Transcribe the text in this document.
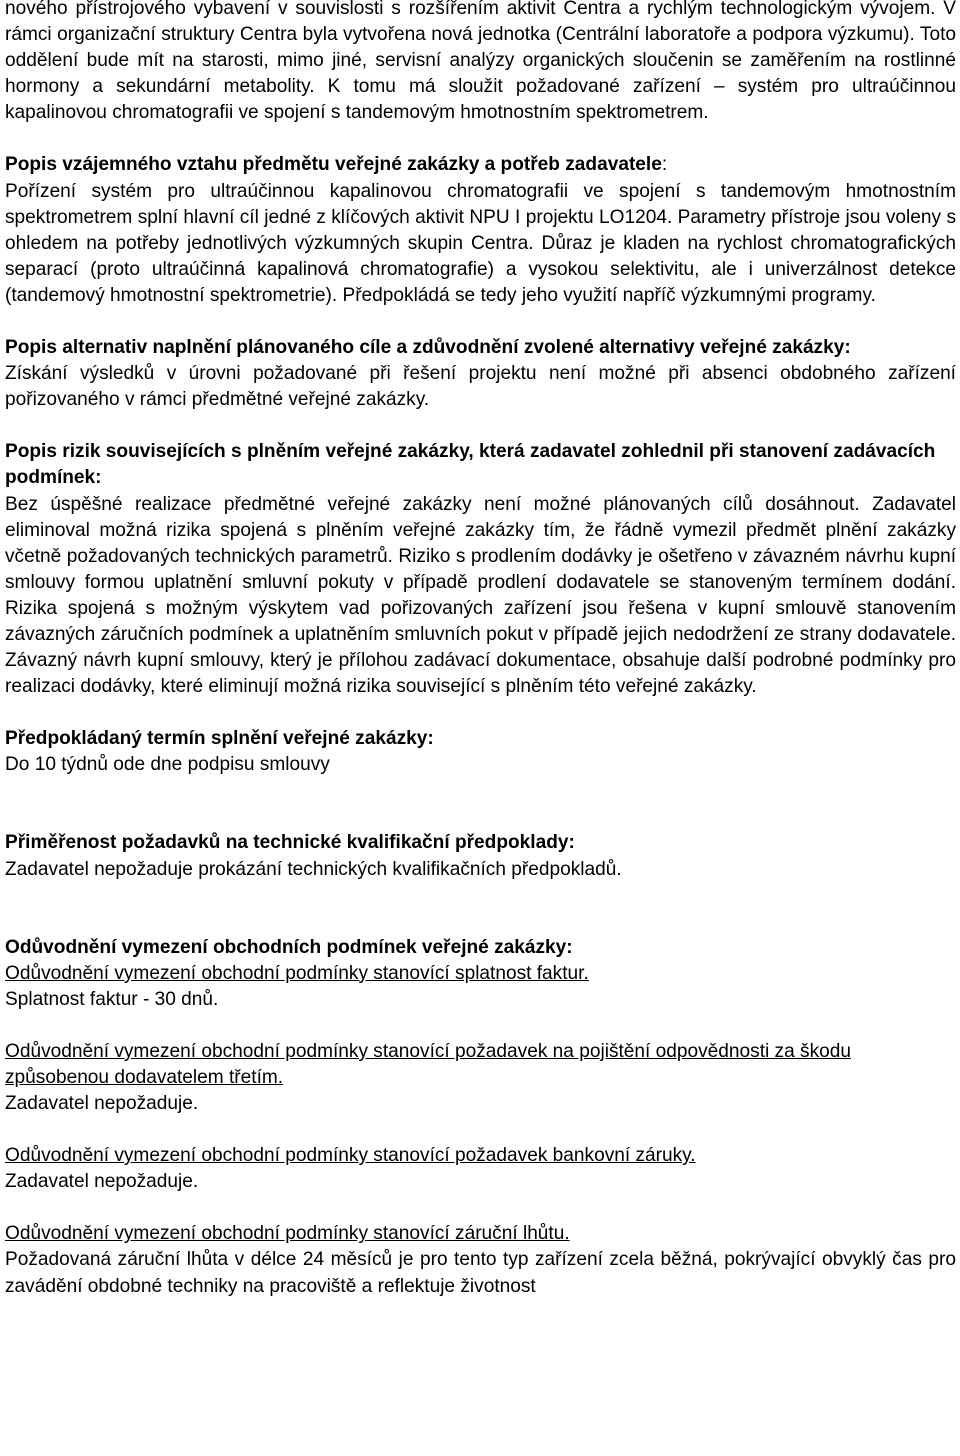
nového přístrojového vybavení v souvislosti s rozšířením aktivit Centra a rychlým technologickým vývojem. V rámci organizační struktury Centra byla vytvořena nová jednotka (Centrální laboratoře a podpora výzkumu). Toto oddělení bude mít na starosti, mimo jiné, servisní analýzy organických sloučenin se zaměřením na rostlinné hormony a sekundární metabolity. K tomu má sloužit požadované zařízení – systém pro ultraúčinnou kapalinovou chromatografii ve spojení s tandemovým hmotnostním spektrometrem.

Popis vzájemného vztahu předmětu veřejné zakázky a potřeb zadavatele:

Pořízení systém pro ultraúčinnou kapalinovou chromatografii ve spojení s tandemovým hmotnostním spektrometrem splní hlavní cíl jedné z klíčových aktivit NPU I projektu LO1204. Parametry přístroje jsou voleny s ohledem na potřeby jednotlivých výzkumných skupin Centra. Důraz je kladen na rychlost chromatografických separací (proto ultraúčinná kapalinová chromatografie) a vysokou selektivitu, ale i univerzálnost detekce (tandemový hmotnostní spektrometrie). Předpokládá se tedy jeho využití napříč výzkumnými programy.

Popis alternativ naplnění plánovaného cíle a zdůvodnění zvolené alternativy veřejné zakázky:

Získání výsledků v úrovni požadované při řešení projektu není možné při absenci obdobného zařízení pořizovaného v rámci předmětné veřejné zakázky.

Popis rizik souvisejících s plněním veřejné zakázky, která zadavatel zohlednil při stanovení zadávacích podmínek:

Bez úspěšné realizace předmětné veřejné zakázky není možné plánovaných cílů dosáhnout. Zadavatel eliminoval možná rizika spojená s plněním veřejné zakázky tím, že řádně vymezil předmět plnění zakázky včetně požadovaných technických parametrů. Riziko s prodlením dodávky je ošetřeno v závazném návrhu kupní smlouvy formou uplatnění smluvní pokuty v případě prodlení dodavatele se stanoveným termínem dodání. Rizika spojená s možným výskytem vad pořizovaných zařízení jsou řešena v kupní smlouvě stanovením závazných záručních podmínek a uplatněním smluvních pokut v případě jejich nedodržení ze strany dodavatele. Závazný návrh kupní smlouvy, který je přílohou zadávací dokumentace, obsahuje další podrobné podmínky pro realizaci dodávky, které eliminují možná rizika související s plněním této veřejné zakázky.

Předpokládaný termín splnění veřejné zakázky:

Do 10 týdnů ode dne podpisu smlouvy

Přiměřenost požadavků na technické kvalifikační předpoklady:

Zadavatel nepožaduje prokázání technických kvalifikačních předpokladů.

Odůvodnění vymezení obchodních podmínek veřejné zakázky:

Odůvodnění vymezení obchodní podmínky stanovící splatnost faktur.

Splatnost faktur - 30 dnů.

Odůvodnění vymezení obchodní podmínky stanovící požadavek na pojištění odpovědnosti za škodu způsobenou dodavatelem třetím.

Zadavatel nepožaduje.

Odůvodnění vymezení obchodní podmínky stanovící požadavek bankovní záruky.

Zadavatel nepožaduje.

Odůvodnění vymezení obchodní podmínky stanovící záruční lhůtu.

Požadovaná záruční lhůta v délce 24 měsíců je pro tento typ zařízení zcela běžná, pokrývající obvyklý čas pro zavádění obdobné techniky na pracoviště a reflektuje životnost
